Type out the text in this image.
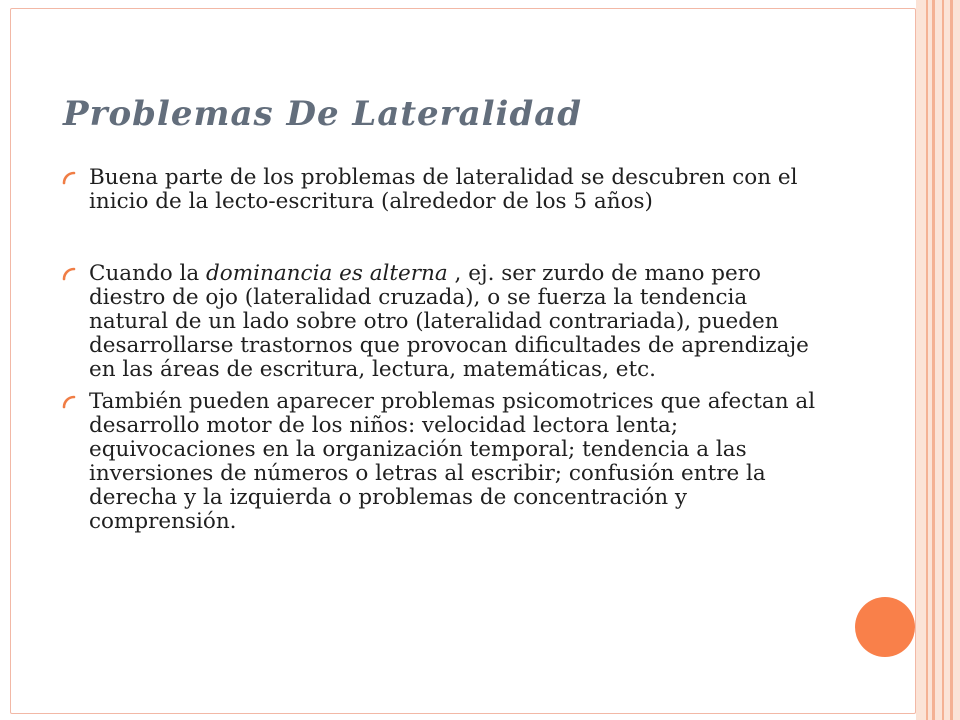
Problemas De Lateralidad
Buena parte de los problemas de lateralidad se descubren con el inicio de la lecto-escritura (alrededor de los 5 años)
Cuando la dominancia es alterna , ej. ser zurdo de mano pero diestro de ojo (lateralidad cruzada), o se fuerza la tendencia natural de un lado sobre otro (lateralidad contrariada), pueden desarrollarse trastornos que provocan dificultades de aprendizaje en las áreas de escritura, lectura, matemáticas, etc.
También pueden aparecer problemas psicomotrices que afectan al desarrollo motor de los niños: velocidad lectora lenta; equivocaciones en la organización temporal; tendencia a las inversiones de números o letras al escribir; confusión entre la derecha y la izquierda o problemas de concentración y comprensión.
